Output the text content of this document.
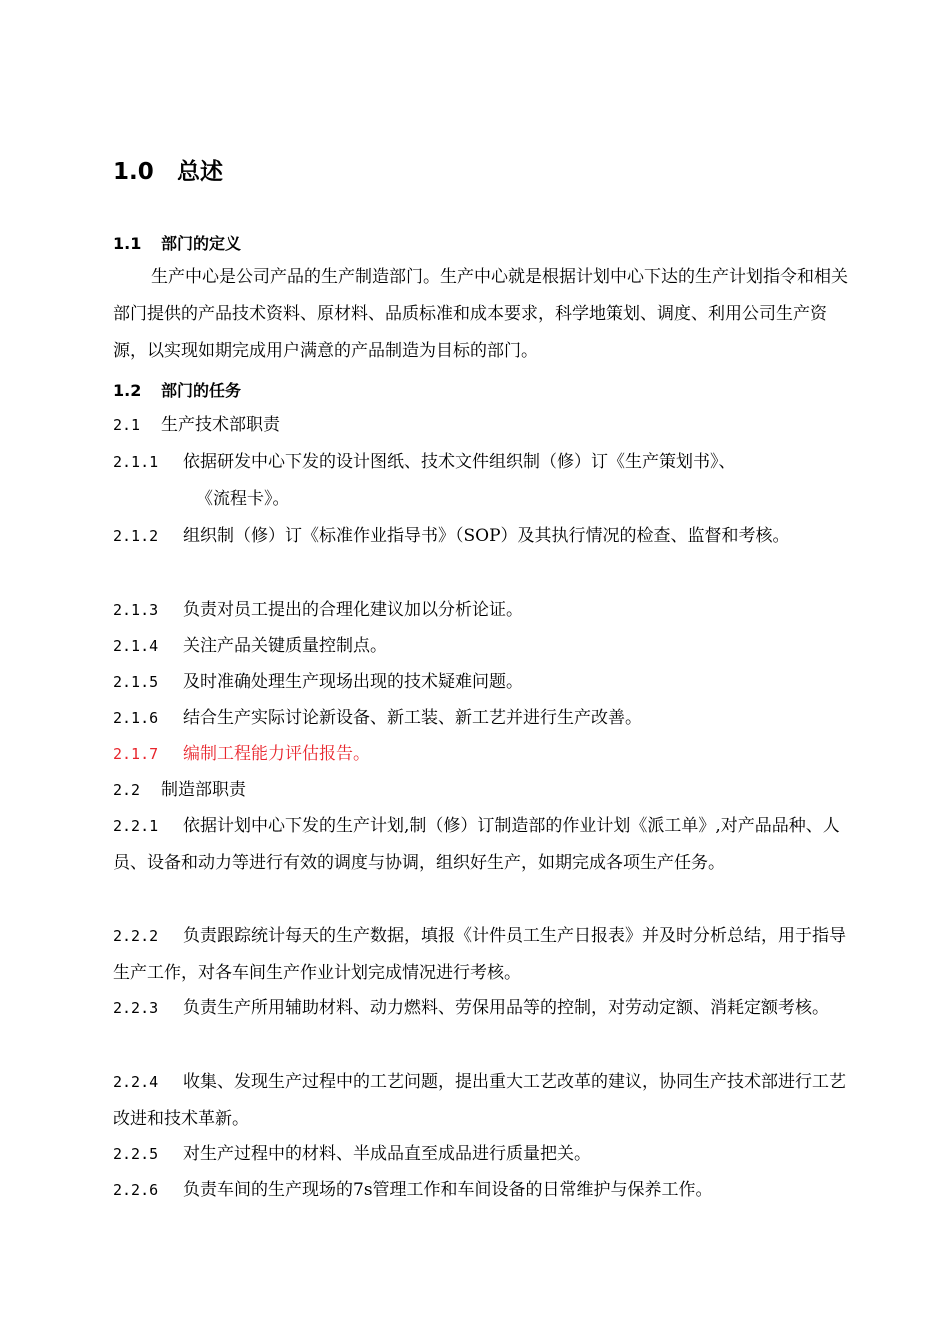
1.0 总述
1.1 部门的定义
生产中心是公司产品的生产制造部门。生产中心就是根据计划中心下达的生产计划指令和相关部门提供的产品技术资料、原材料、品质标准和成本要求，科学地策划、调度、利用公司生产资源，以实现如期完成用户满意的产品制造为目标的部门。
1.2 部门的任务
2.1 生产技术部职责
2.1.1 依据研发中心下发的设计图纸、技术文件组织制（修）订《生产策划书》、
《流程卡》。
2.1.2 组织制（修）订《标准作业指导书》（SOP）及其执行情况的检查、监督和考核。
2.1.3 负责对员工提出的合理化建议加以分析论证。
2.1.4 关注产品关键质量控制点。
2.1.5 及时准确处理生产现场出现的技术疑难问题。
2.1.6 结合生产实际讨论新设备、新工装、新工艺并进行生产改善。
2.1.7 编制工程能力评估报告。
2.2 制造部职责
2.2.1 依据计划中心下发的生产计划,制（修）订制造部的作业计划《派工单》,对产品品种、人员、设备和动力等进行有效的调度与协调，组织好生产，如期完成各项生产任务。
2.2.2 负责跟踪统计每天的生产数据，填报《计件员工生产日报表》并及时分析总结，用于指导生产工作，对各车间生产作业计划完成情况进行考核。
2.2.3 负责生产所用辅助材料、动力燃料、劳保用品等的控制，对劳动定额、消耗定额考核。
2.2.4 收集、发现生产过程中的工艺问题，提出重大工艺改革的建议，协同生产技术部进行工艺改进和技术革新。
2.2.5 对生产过程中的材料、半成品直至成品进行质量把关。
2.2.6 负责车间的生产现场的7s管理工作和车间设备的日常维护与保养工作。
